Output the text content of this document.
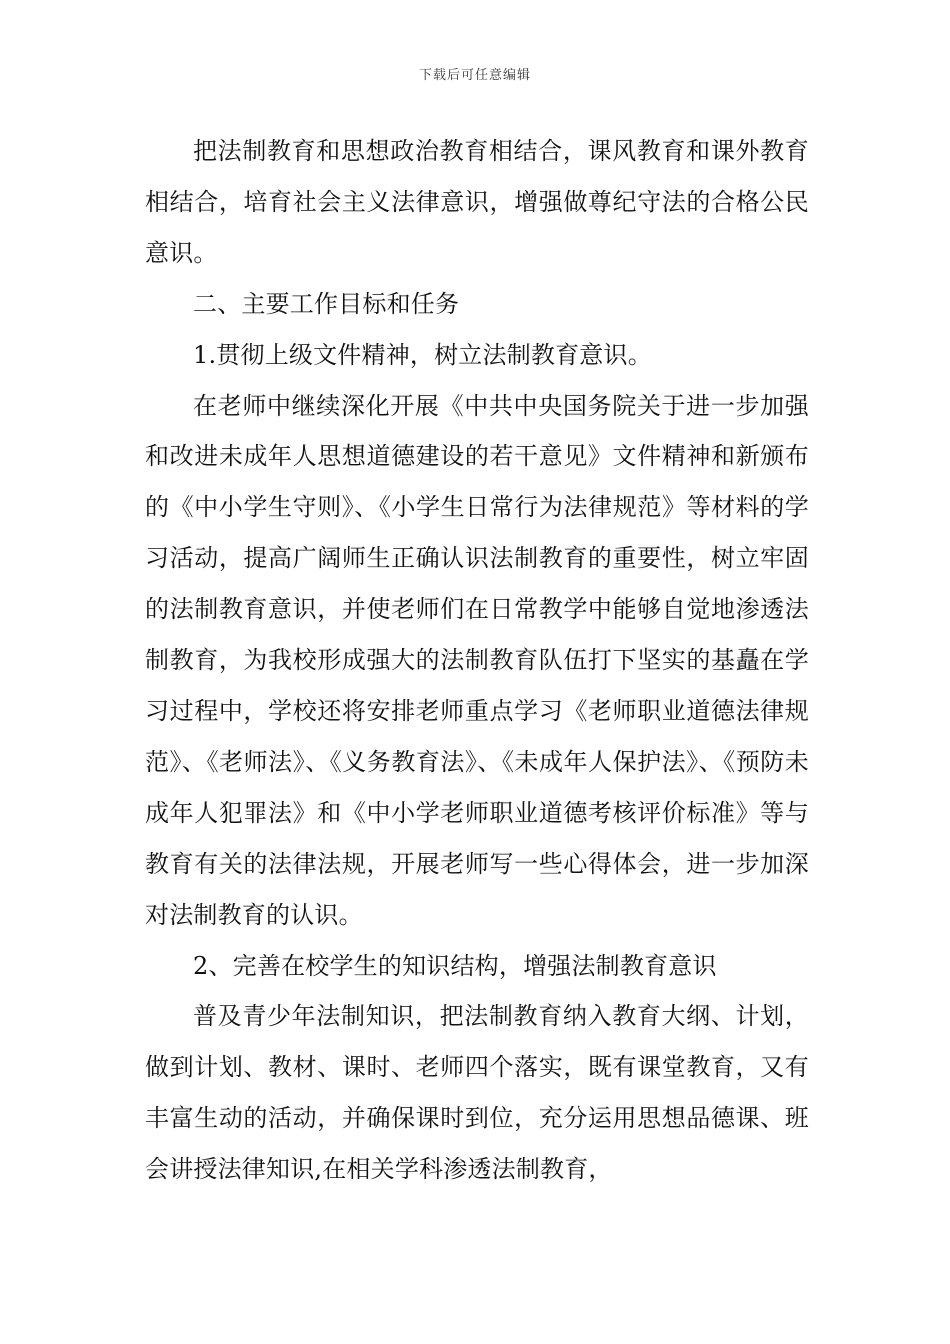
下载后可任意编辑

把法制教育和思想政治教育相结合，课风教育和课外教育相结合，培育社会主义法律意识，增强做尊纪守法的合格公民意识。

二、主要工作目标和任务

1.贯彻上级文件精神，树立法制教育意识。

在老师中继续深化开展《中共中央国务院关于进一步加强和改进未成年人思想道德建设的若干意见》文件精神和新颁布的《中小学生守则》、《小学生日常行为法律规范》等材料的学习活动，提高广阔师生正确认识法制教育的重要性，树立牢固的法制教育意识，并使老师们在日常教学中能够自觉地渗透法制教育，为我校形成强大的法制教育队伍打下坚实的基矗在学习过程中，学校还将安排老师重点学习《老师职业道德法律规范》、《老师法》、《义务教育法》、《未成年人保护法》、《预防未成年人犯罪法》和《中小学老师职业道德考核评价标准》等与教育有关的法律法规，开展老师写一些心得体会，进一步加深对法制教育的认识。

2、完善在校学生的知识结构，增强法制教育意识

普及青少年法制知识，把法制教育纳入教育大纲、计划，做到计划、教材、课时、老师四个落实，既有课堂教育，又有丰富生动的活动，并确保课时到位，充分运用思想品德课、班会讲授法律知识,在相关学科渗透法制教育，
